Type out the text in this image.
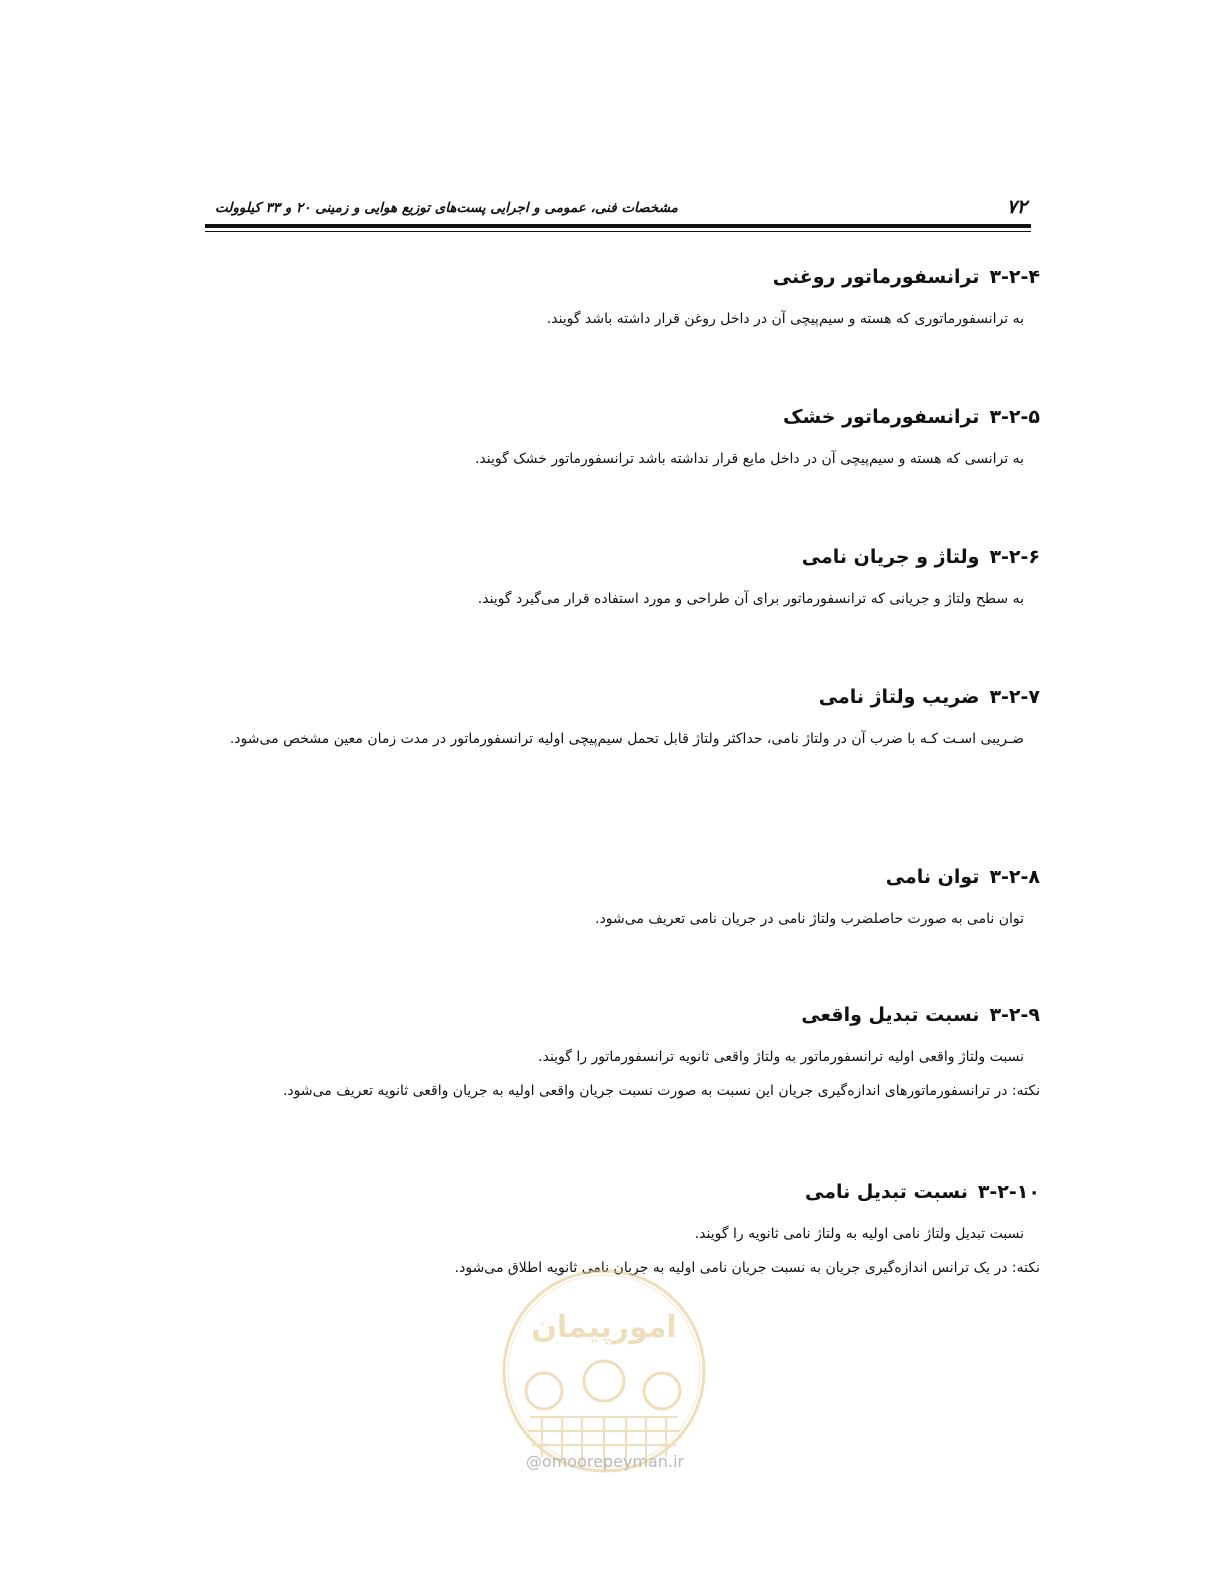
۷۲
مشخصات فنی، عمومی و اجرایی پست‌های توزیع هوایی و زمینی ۲۰ و ۳۳ کیلوولت
۳-۲-۴ترانسفورماتور روغنی

به ترانسفورماتوری که هسته و سیم‌پیچی آن در داخل روغن قرار داشته باشد گویند.

۳-۲-۵ترانسفورماتور خشک

به ترانسی که هسته و سیم‌پیچی آن در داخل مایع قرار نداشته باشد ترانسفورماتور خشک گویند.

۳-۲-۶ولتاژ و جریان نامی

به سطح ولتاژ و جریانی که ترانسفورماتور برای آن طراحی و مورد استفاده قرار می‌گیرد گویند.

۳-۲-۷ضریب ولتاژ نامی

ضـریبی اسـت کـه با ضرب آن در ولتاژ نامی، حداکثر ولتاژ قابل تحمل سیم‌پیچی اولیه ترانسفورماتور در مدت زمان معین مشخص می‌شود.

۳-۲-۸توان نامی

توان نامی به صورت حاصلضرب ولتاژ نامی در جریان نامی تعریف می‌شود.

۳-۲-۹نسبت تبدیل واقعی

نسبت ولتاژ واقعی اولیه ترانسفورماتور به ولتاژ واقعی ثانویه ترانسفورماتور را گویند.

نکته: در ترانسفورماتورهای اندازه‌گیری جریان این نسبت به صورت نسبت جریان واقعی اولیه به جریان واقعی ثانویه تعریف می‌شود.

۳-۲-۱۰نسبت تبدیل نامی

نسبت تبدیل ولتاژ نامی اولیه به ولتاژ نامی ثانویه را گویند.

نکته: در یک ترانس اندازه‌گیری جریان به نسبت جریان نامی اولیه به جریان نامی ثانویه اطلاق می‌شود.

امورپیمان
@omoorepeyman.ir
